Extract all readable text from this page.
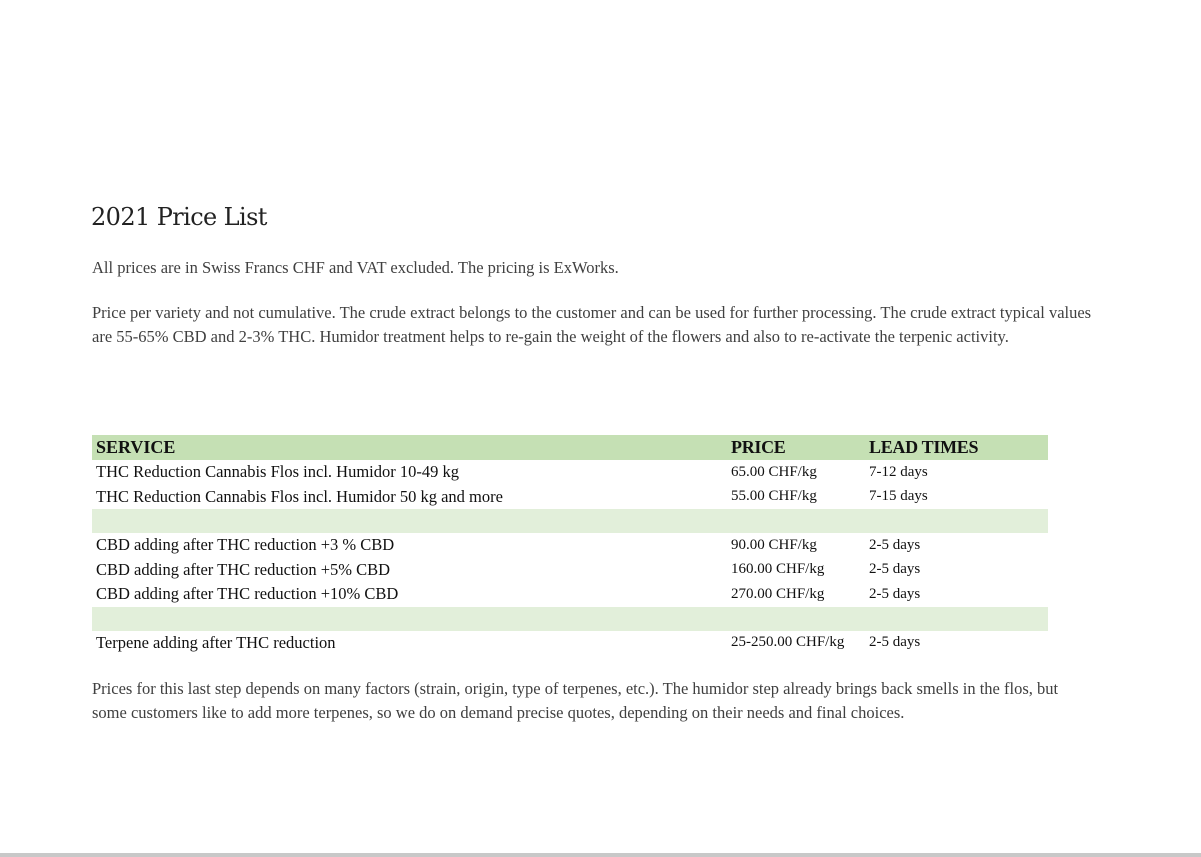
2021 Price List

All prices are in Swiss Francs CHF and VAT excluded. The pricing is ExWorks.

Price per variety and not cumulative. The crude extract belongs to the customer and can be used for further processing. The crude extract typical values are 55-65% CBD and 2-3% THC. Humidor treatment helps to re-gain the weight of the flowers and also to re-activate the terpenic activity.

SERVICE	PRICE	LEAD TIMES
THC Reduction Cannabis Flos incl. Humidor 10-49 kg	65.00 CHF/kg	7-12 days
THC Reduction Cannabis Flos incl. Humidor 50 kg and more	55.00 CHF/kg	7-15 days

CBD adding after THC reduction +3 % CBD	90.00 CHF/kg	2-5 days
CBD adding after THC reduction +5% CBD	160.00 CHF/kg	2-5 days
CBD adding after THC reduction +10% CBD	270.00 CHF/kg	2-5 days

Terpene adding after THC reduction	25-250.00 CHF/kg	2-5 days

Prices for this last step depends on many factors (strain, origin, type of terpenes, etc.). The humidor step already brings back smells in the flos, but some customers like to add more terpenes, so we do on demand precise quotes, depending on their needs and final choices.
